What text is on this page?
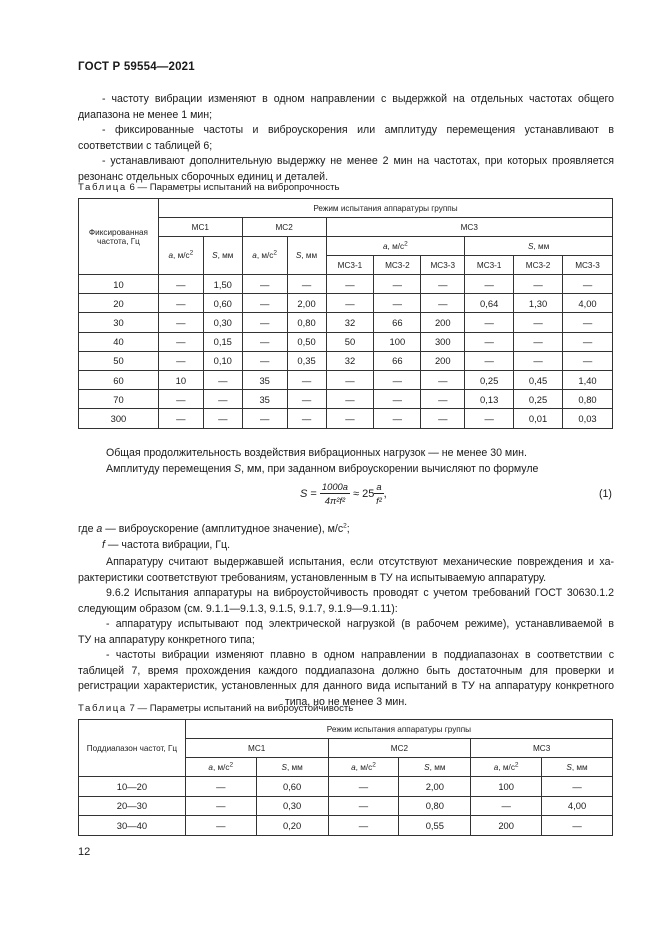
ГОСТ Р 59554—2021
- частоту вибрации изменяют в одном направлении с выдержкой на отдельных частотах общего
диапазона не менее 1 мин;
- фиксированные частоты и виброускорения или амплитуду перемещения устанавливают в
соответствии с таблицей 6;
- устанавливают дополнительную выдержку не менее 2 мин на частотах, при которых проявляется
резонанс отдельных сборочных единиц и деталей.
Таблица 6 — Параметры испытаний на вибропрочность
Фиксированная частота, Гц	Режим испытания аппаратуры группы									
	МС1		МС2		МС3					
	a, $м/с^2$	S, мм	a, $м/с^2$	S, мм	a, $м/с^2$			S, мм		
					МС3-1	МС3-2	МС3-3	МС3-1	МС3-2	МС3-3
10	—	1,50	—	—	—	—	—	—	—	—
20	—	0,60	—	2,00	—	—	—	0,64	1,30	4,00
30	—	0,30	—	0,80	32	66	200	—	—	—
40	—	0,15	—	0,50	50	100	300	—	—	—
50	—	0,10	—	0,35	32	66	200	—	—	—
60	10	—	35	—	—	—	—	0,25	0,45	1,40
70	—	—	35	—	—	—	—	0,13	0,25	0,80
300	—	—	—	—	—	—	—	—	0,01	0,03
Общая продолжительность воздействия вибрационных нагрузок — не менее 30 мин.
Амплитуду перемещения S, мм, при заданном виброускорении вычисляют по формуле
$S = \frac{1000a}{\text{4π²f²}} \approx 25 \frac{a}{\text{f²}}$ ,	(1)
где a — виброускорение (амплитудное значение), $м/с^2$;
f — частота вибрации, Гц.
Аппаратуру считают выдержавшей испытания, если отсутствуют механические повреждения и ха-
рактеристики соответствуют требованиям, установленным в ТУ на испытываемую аппаратуру.
9.6.2 Испытания аппаратуры на виброустойчивость проводят с учетом требований ГОСТ 30630.1.2
следующим образом (см. 9.1.1—9.1.3, 9.1.5, 9.1.7, 9.1.9—9.1.11):
- аппаратуру испытывают под электрической нагрузкой (в рабочем режиме), устанавливаемой в
ТУ на аппаратуру конкретного типа;
- частоты вибрации изменяют плавно в одном направлении в поддиапазонах в соответствии с
таблицей 7, время прохождения каждого поддиапазона должно быть достаточным для проверки и
регистрации характеристик, установленных для данного вида испытаний в ТУ на аппаратуру конкретного
типа, но не менее 3 мин.
Таблица 7 — Параметры испытаний на виброустойчивость
Поддиапазон частот, Гц	Режим испытания аппаратуры группы					
	МС1		МС2		МС3	
	a, $м/с^2$	S, мм	a, $м/с^2$	S, мм	a, $м/с^2$	S, мм
10—20	—	0,60	—	2,00	100	—
20—30	—	0,30	—	0,80	—	4,00
30—40	—	0,20	—	0,55	200	—
12
